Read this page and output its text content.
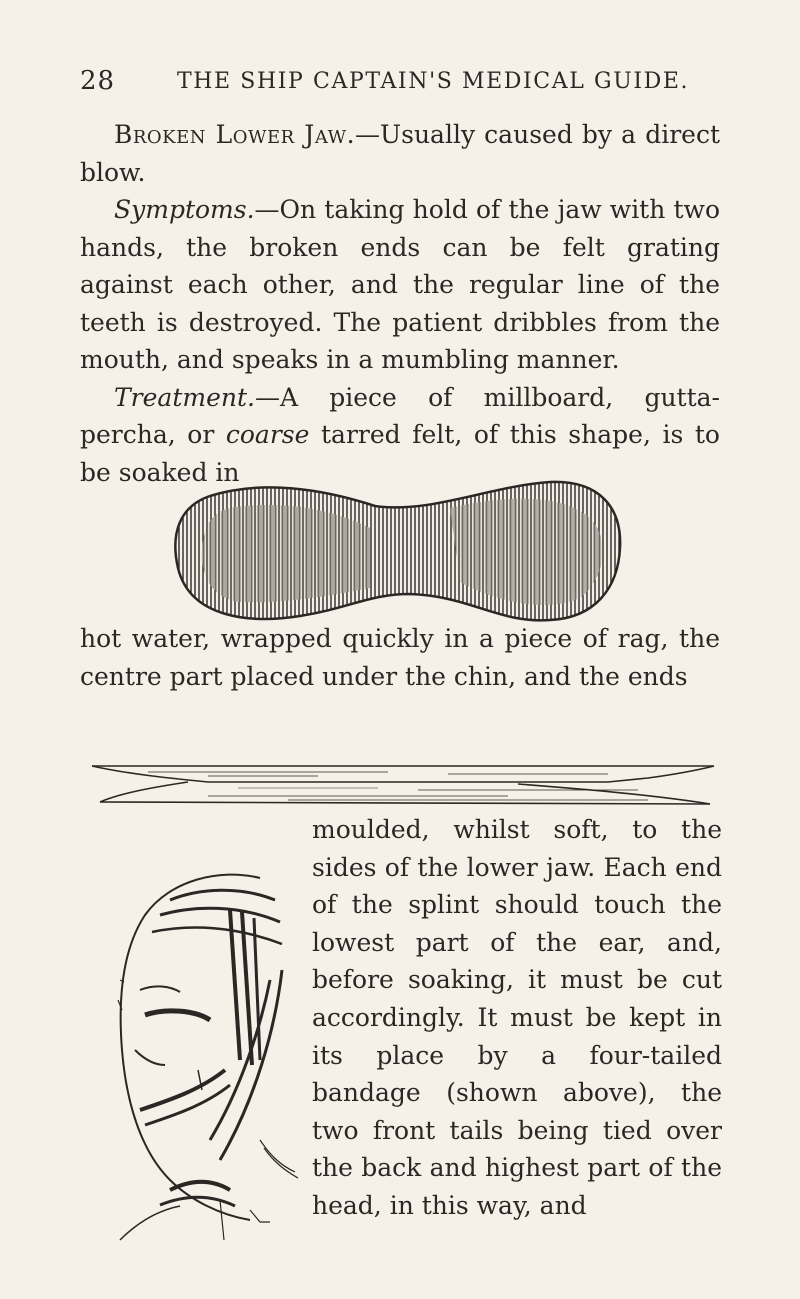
28	THE SHIP CAPTAIN'S MEDICAL GUIDE.

Broken Lower Jaw.—Usually caused by a direct blow.

Symptoms.—On taking hold of the jaw with two hands, the broken ends can be felt grating against each other, and the regular line of the teeth is destroyed. The patient dribbles from the mouth, and speaks in a mumbling manner.

Treatment.—A piece of millboard, gutta-percha, or coarse tarred felt, of this shape, is to be soaked in

hot water, wrapped quickly in a piece of rag, the centre part placed under the chin, and the ends

moulded, whilst soft, to the sides of the lower jaw. Each end of the splint should touch the lowest part of the ear, and, before soaking, it must be cut accordingly. It must be kept in its place by a four-tailed bandage (shown above), the two front tails being tied over the back and highest part of the head, in this way, and
